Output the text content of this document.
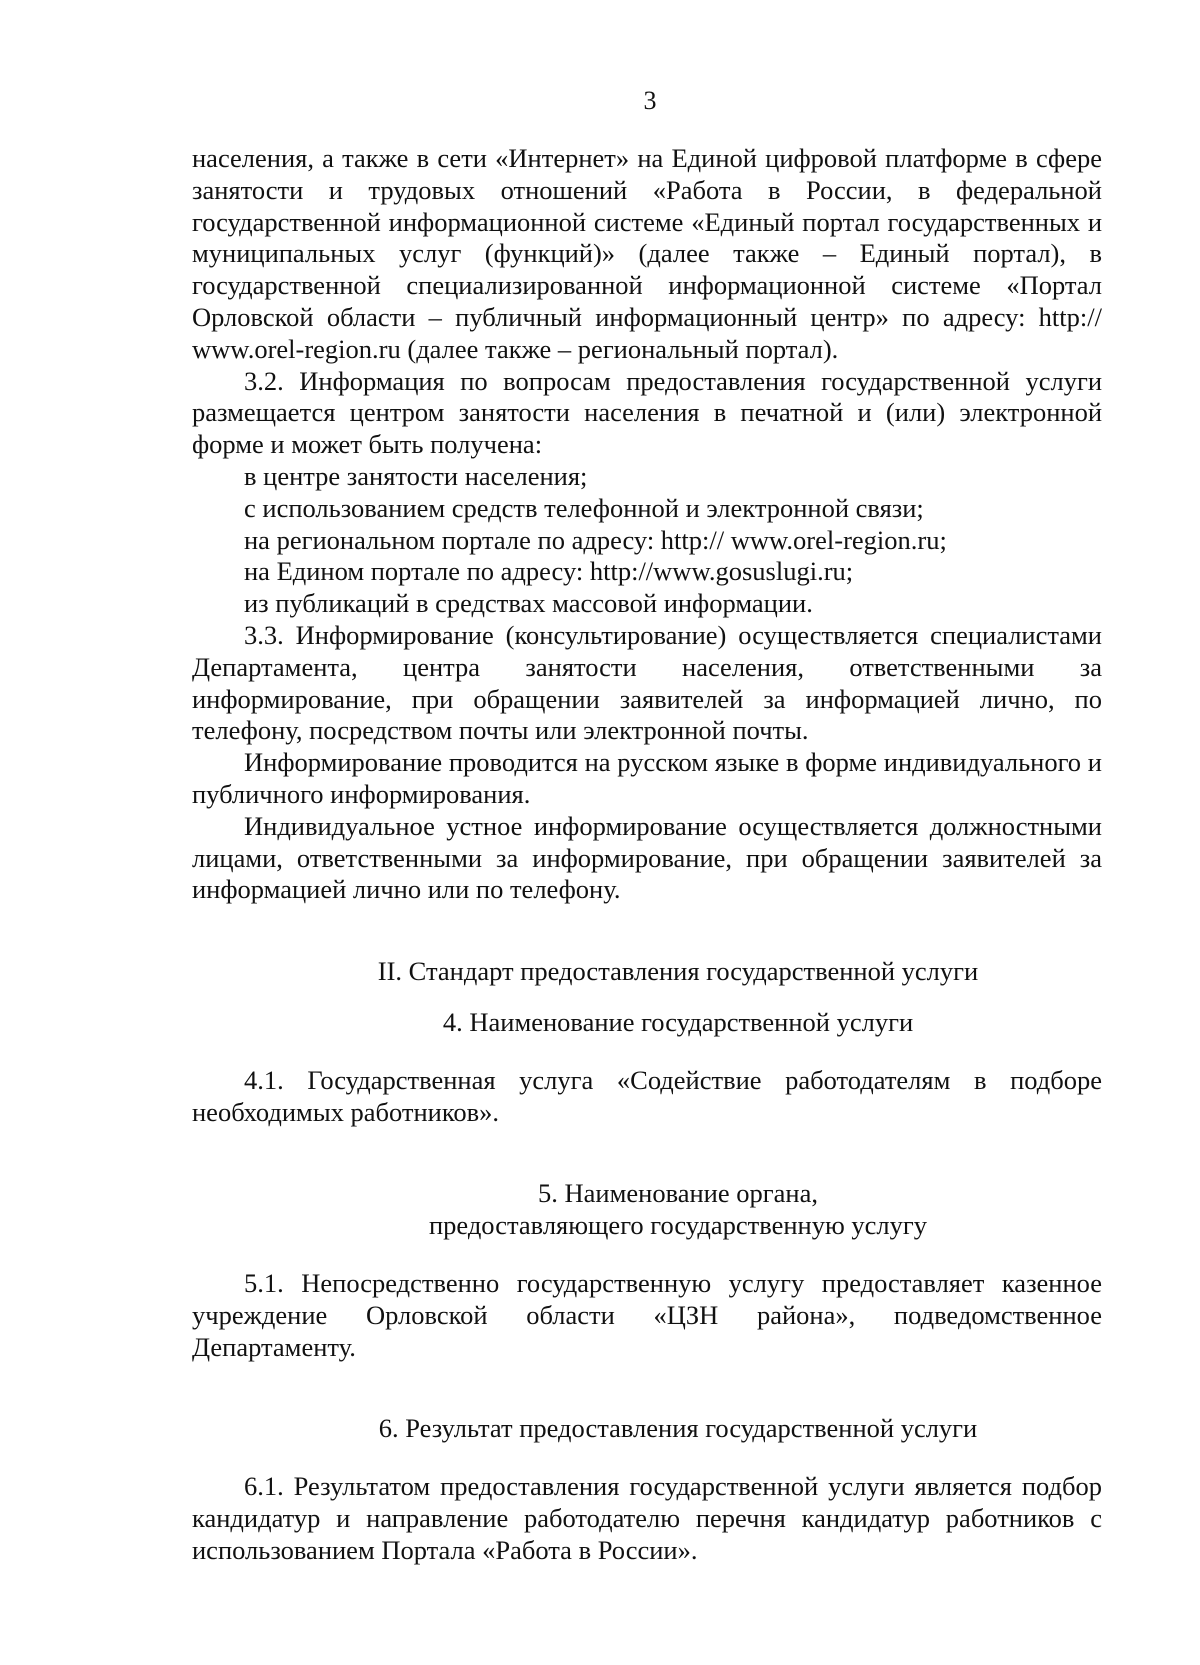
3

населения, а также в сети «Интернет» на Единой цифровой платформе в сфере занятости и трудовых отношений «Работа в России, в федеральной государственной информационной системе «Единый портал государственных и муниципальных услуг (функций)» (далее также – Единый портал), в государственной специализированной информационной системе «Портал Орловской области – публичный информационный центр» по адресу: http:// www.orel-region.ru (далее также – региональный портал).

3.2. Информация по вопросам предоставления государственной услуги размещается центром занятости населения в печатной и (или) электронной форме и может быть получена:

в центре занятости населения;

с использованием средств телефонной и электронной связи;

на региональном портале по адресу: http:// www.orel-region.ru;

на Едином портале по адресу: http://www.gosuslugi.ru;

из публикаций в средствах массовой информации.

3.3. Информирование (консультирование) осуществляется специалистами Департамента, центра занятости населения, ответственными за информирование, при обращении заявителей за информацией лично, по телефону, посредством почты или электронной почты.

Информирование проводится на русском языке в форме индивидуального и публичного информирования.

Индивидуальное устное информирование осуществляется должностными лицами, ответственными за информирование, при обращении заявителей за информацией лично или по телефону.

II. Стандарт предоставления государственной услуги
4. Наименование государственной услуги

4.1. Государственная услуга «Содействие работодателям в подборе необходимых работников».

5. Наименование органа,
предоставляющего государственную услугу

5.1. Непосредственно государственную услугу предоставляет казенное учреждение Орловской области «ЦЗН района», подведомственное Департаменту.

6. Результат предоставления государственной услуги

6.1. Результатом предоставления государственной услуги является подбор кандидатур и направление работодателю перечня кандидатур работников с использованием Портала «Работа в России».
